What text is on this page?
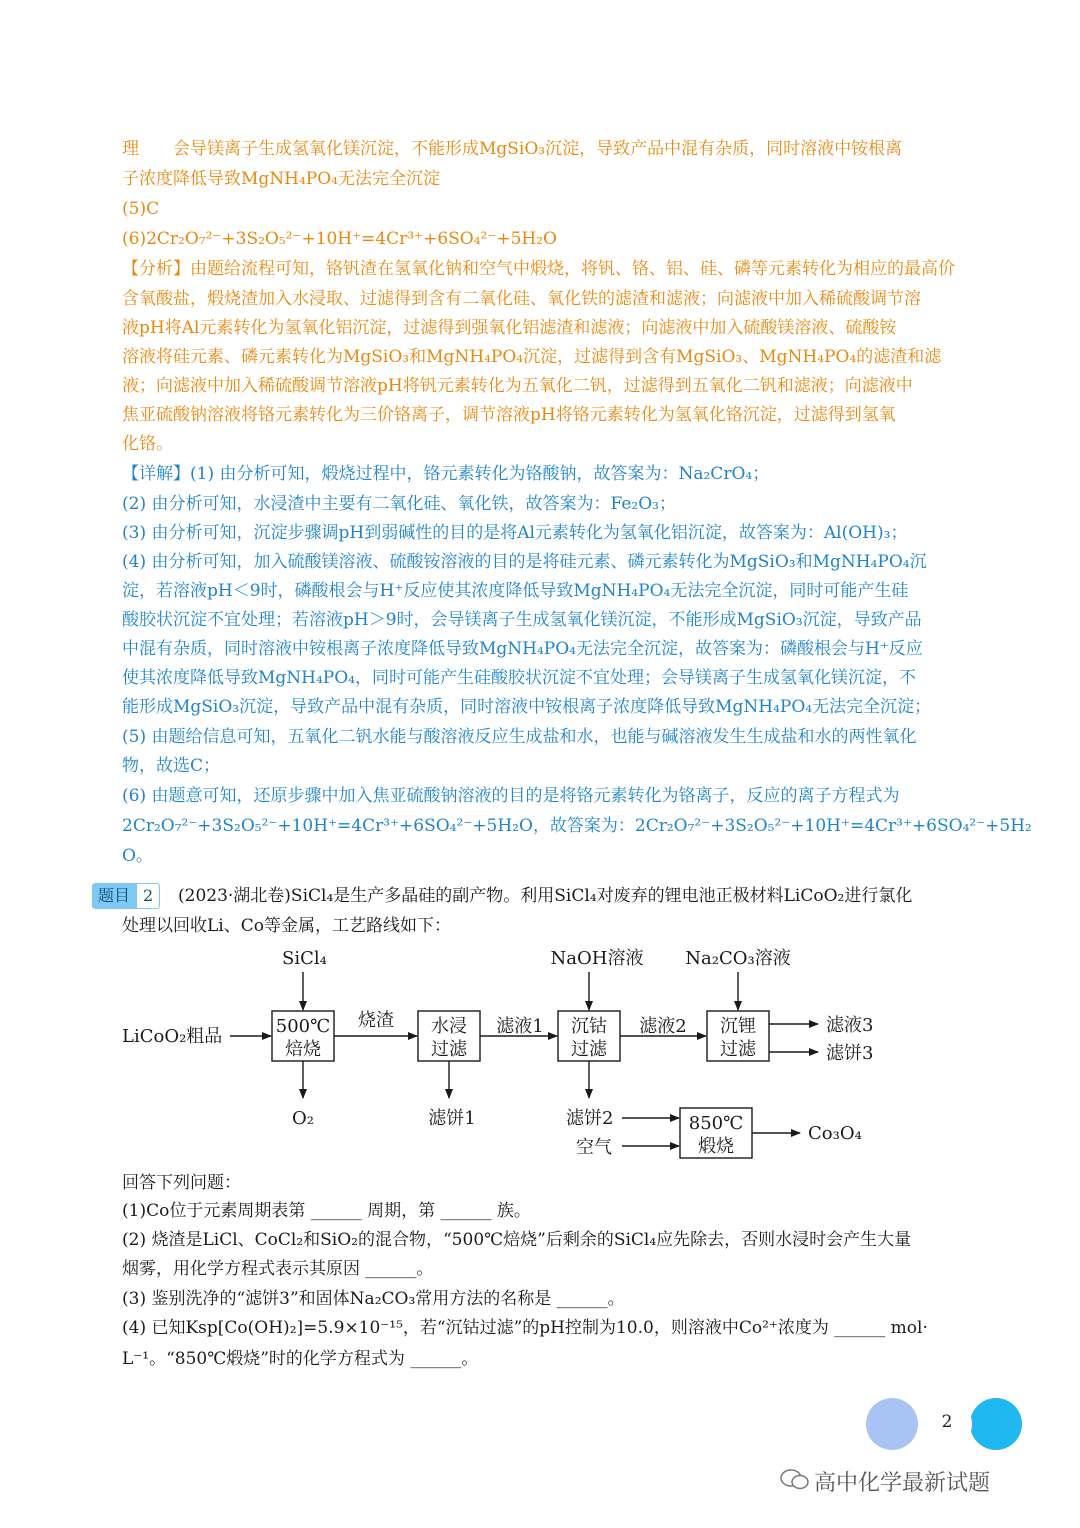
理　　会导镁离子生成氢氧化镁沉淀，不能形成MgSiO₃沉淀，导致产品中混有杂质，同时溶液中铵根离
子浓度降低导致MgNH₄PO₄无法完全沉淀
(5)C
(6)2Cr₂O₇²⁻+3S₂O₅²⁻+10H⁺=4Cr³⁺+6SO₄²⁻+5H₂O
【分析】由题给流程可知，铬钒渣在氢氧化钠和空气中煅烧，将钒、铬、铝、硅、磷等元素转化为相应的最高价
含氧酸盐，煅烧渣加入水浸取、过滤得到含有二氧化硅、氧化铁的滤渣和滤液；向滤液中加入稀硫酸调节溶
液pH将Al元素转化为氢氧化铝沉淀，过滤得到强氧化铝滤渣和滤液；向滤液中加入硫酸镁溶液、硫酸铵
溶液将硅元素、磷元素转化为MgSiO₃和MgNH₄PO₄沉淀，过滤得到含有MgSiO₃、MgNH₄PO₄的滤渣和滤
液；向滤液中加入稀硫酸调节溶液pH将钒元素转化为五氧化二钒，过滤得到五氧化二钒和滤液；向滤液中
焦亚硫酸钠溶液将铬元素转化为三价铬离子，调节溶液pH将铬元素转化为氢氧化铬沉淀，过滤得到氢氧
化铬。
【详解】(1) 由分析可知，煅烧过程中，铬元素转化为铬酸钠，故答案为：Na₂CrO₄；
(2) 由分析可知，水浸渣中主要有二氧化硅、氧化铁，故答案为：Fe₂O₃；
(3) 由分析可知，沉淀步骤调pH到弱碱性的目的是将Al元素转化为氢氧化铝沉淀，故答案为：Al(OH)₃；
(4) 由分析可知，加入硫酸镁溶液、硫酸铵溶液的目的是将硅元素、磷元素转化为MgSiO₃和MgNH₄PO₄沉
淀，若溶液pH＜9时，磷酸根会与H⁺反应使其浓度降低导致MgNH₄PO₄无法完全沉淀，同时可能产生硅
酸胶状沉淀不宜处理；若溶液pH＞9时，会导镁离子生成氢氧化镁沉淀，不能形成MgSiO₃沉淀，导致产品
中混有杂质，同时溶液中铵根离子浓度降低导致MgNH₄PO₄无法完全沉淀，故答案为：磷酸根会与H⁺反应
使其浓度降低导致MgNH₄PO₄，同时可能产生硅酸胶状沉淀不宜处理；会导镁离子生成氢氧化镁沉淀，不
能形成MgSiO₃沉淀，导致产品中混有杂质，同时溶液中铵根离子浓度降低导致MgNH₄PO₄无法完全沉淀；
(5) 由题给信息可知，五氧化二钒水能与酸溶液反应生成盐和水，也能与碱溶液发生生成盐和水的两性氧化
物，故选C；
(6) 由题意可知，还原步骤中加入焦亚硫酸钠溶液的目的是将铬元素转化为铬离子，反应的离子方程式为
2Cr₂O₇²⁻+3S₂O₅²⁻+10H⁺=4Cr³⁺+6SO₄²⁻+5H₂O，故答案为：2Cr₂O₇²⁻+3S₂O₅²⁻+10H⁺=4Cr³⁺+6SO₄²⁻+5H₂
O。
题目 2	(2023·湖北卷)SiCl₄是生产多晶硅的副产物。利用SiCl₄对废弃的锂电池正极材料LiCoO₂进行氯化
处理以回收Li、Co等金属，工艺路线如下：
LiCoO₂粗品
SiCl₄
500℃
焙烧
O₂
烧渣 水浸
过滤
滤饼1
滤液1
NaOH溶液
沉钴
过滤
滤液2
Na₂CO₃溶液
沉锂
过滤
滤液3
滤饼3
滤饼2
空气
850℃
煅烧
Co₃O₄
回答下列问题：
(1)Co位于元素周期表第 ______ 周期，第 ______ 族。
(2) 烧渣是LiCl、CoCl₂和SiO₂的混合物，“500℃焙烧”后剩余的SiCl₄应先除去，否则水浸时会产生大量
烟雾，用化学方程式表示其原因 ______。
(3) 鉴别洗净的“滤饼3”和固体Na₂CO₃常用方法的名称是 ______。
(4) 已知Ksp[Co(OH)₂]=5.9×10⁻¹⁵，若“沉钴过滤”的pH控制为10.0，则溶液中Co²⁺浓度为 ______ mol·
L⁻¹。“850℃煅烧”时的化学方程式为 ______。
2
高中化学最新试题
